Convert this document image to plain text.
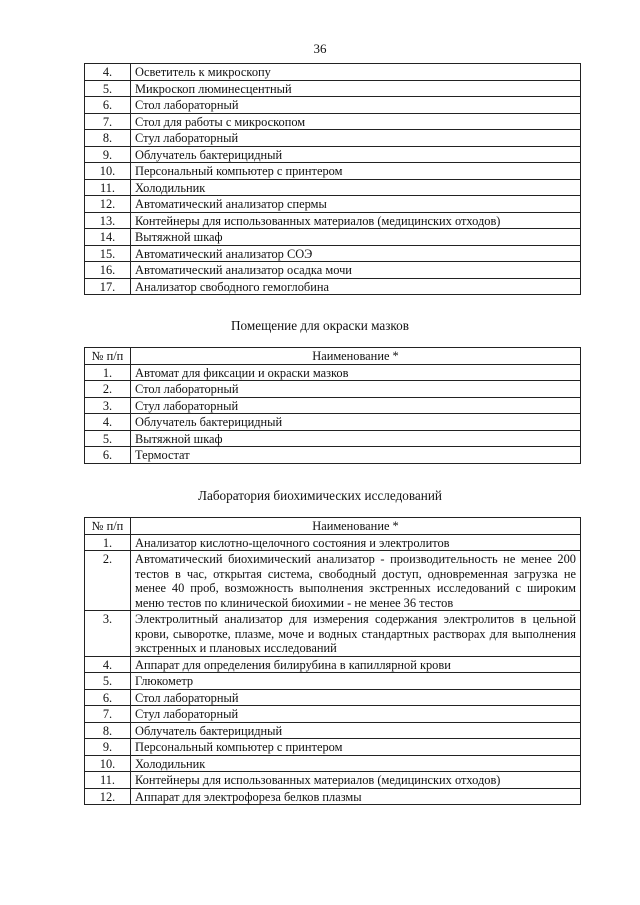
36
4.	Осветитель к микроскопу
5.	Микроскоп люминесцентный
6.	Стол лабораторный
7.	Стол для работы с микроскопом
8.	Стул лабораторный
9.	Облучатель бактерицидный
10.	Персональный компьютер с принтером
11.	Холодильник
12.	Автоматический анализатор спермы
13.	Контейнеры для использованных материалов (медицинских отходов)
14.	Вытяжной шкаф
15.	Автоматический анализатор СОЭ
16.	Автоматический анализатор осадка мочи
17.	Анализатор свободного гемоглобина
Помещение для окраски мазков
№ п/п	Наименование *
1.	Автомат для фиксации и окраски мазков
2.	Стол лабораторный
3.	Стул лабораторный
4.	Облучатель бактерицидный
5.	Вытяжной шкаф
6.	Термостат
Лаборатория биохимических исследований
№ п/п	Наименование *
1.	Анализатор кислотно-щелочного состояния и электролитов
2.	Автоматический биохимический анализатор - производительность не менее 200 тестов в час, открытая система, свободный доступ, одновременная загрузка не менее 40 проб, возможность выполнения экстренных исследований с широким меню тестов по клинической биохимии - не менее 36 тестов
3.	Электролитный анализатор для измерения содержания электролитов в цельной крови, сыворотке, плазме, моче и водных стандартных растворах для выполнения экстренных и плановых исследований
4.	Аппарат для определения билирубина в капиллярной крови
5.	Глюкометр
6.	Стол лабораторный
7.	Стул лабораторный
8.	Облучатель бактерицидный
9.	Персональный компьютер с принтером
10.	Холодильник
11.	Контейнеры для использованных материалов (медицинских отходов)
12.	Аппарат для электрофореза белков плазмы
